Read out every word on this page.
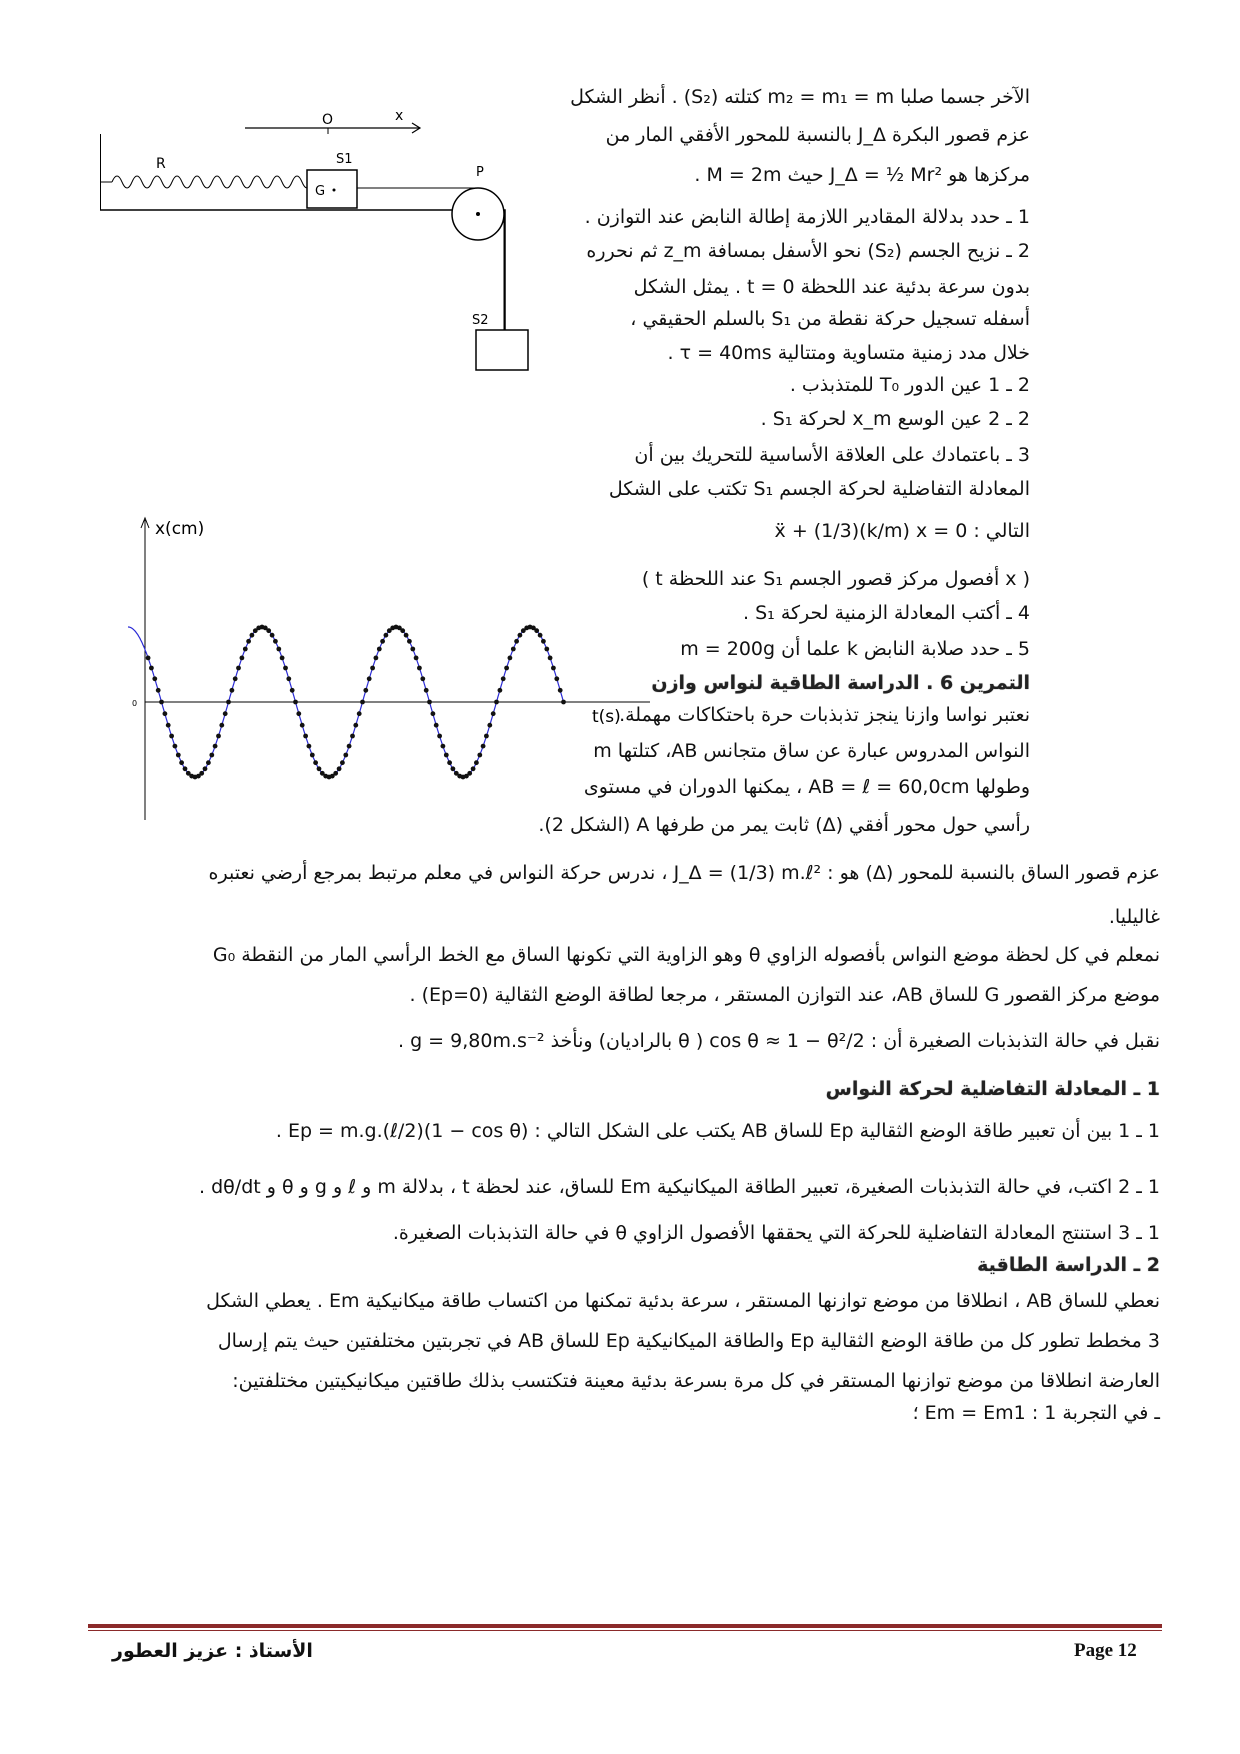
O	x
R
G
S1
P
S2
x(cm)
t(s)
0
الآخر جسما صلبا m₂ = m₁ = m كتلته (S₂) . أنظر الشكل
عزم قصور البكرة J_Δ بالنسبة للمحور الأفقي المار من
مركزها هو J_Δ = ½ Mr² حيث M = 2m .
1 ـ حدد بدلالة المقادير اللازمة إطالة النابض عند التوازن .
2 ـ نزيح الجسم (S₂) نحو الأسفل بمسافة z_m ثم نحرره
بدون سرعة بدئية عند اللحظة t = 0 . يمثل الشكل
أسفله تسجيل حركة نقطة من S₁ بالسلم الحقيقي ،
خلال مدد زمنية متساوية ومتتالية τ = 40ms .
2 ـ 1 عين الدور T₀ للمتذبذب .
2 ـ 2 عين الوسع x_m لحركة S₁ .
3 ـ باعتمادك على العلاقة الأساسية للتحريك بين أن
المعادلة التفاضلية لحركة الجسم S₁ تكتب على الشكل
التالي : ẍ + (1/3)(k/m) x = 0
( x أفصول مركز قصور الجسم S₁ عند اللحظة t )
4 ـ أكتب المعادلة الزمنية لحركة S₁ .
5 ـ حدد صلابة النابض k علما أن m = 200g
التمرين 6 . الدراسة الطاقية لنواس وازن
نعتبر نواسا وازنا ينجز تذبذبات حرة باحتكاكات مهملة.
النواس المدروس عبارة عن ساق متجانس AB، كتلتها m
وطولها AB = ℓ = 60,0cm ، يمكنها الدوران في مستوى
رأسي حول محور أفقي (Δ) ثابت يمر من طرفها A (الشكل 2).
عزم قصور الساق بالنسبة للمحور (Δ) هو : J_Δ = (1/3) m.ℓ² ، ندرس حركة النواس في معلم مرتبط بمرجع أرضي نعتبره
غاليليا.
نمعلم في كل لحظة موضع النواس بأفصوله الزاوي θ وهو الزاوية التي تكونها الساق مع الخط الرأسي المار من النقطة G₀
موضع مركز القصور G للساق AB، عند التوازن المستقر ، مرجعا لطاقة الوضع الثقالية (Ep=0) .
نقبل في حالة التذبذبات الصغيرة أن : cos θ ≈ 1 − θ²/2 ( θ بالراديان) ونأخذ g = 9,80m.s⁻² .
1 ـ المعادلة التفاضلية لحركة النواس
1 ـ 1 بين أن تعبير طاقة الوضع الثقالية Ep للساق AB يكتب على الشكل التالي : Ep = m.g.(ℓ/2)(1 − cos θ) .
1 ـ 2 اكتب، في حالة التذبذبات الصغيرة، تعبير الطاقة الميكانيكية Em للساق، عند لحظة t ، بدلالة m و ℓ و g و θ و dθ/dt .
1 ـ 3 استنتج المعادلة التفاضلية للحركة التي يحققها الأفصول الزاوي θ في حالة التذبذبات الصغيرة.
2 ـ الدراسة الطاقية
نعطي للساق AB ، انطلاقا من موضع توازنها المستقر ، سرعة بدئية تمكنها من اكتساب طاقة ميكانيكية Em . يعطي الشكل
3 مخطط تطور كل من طاقة الوضع الثقالية Ep والطاقة الميكانيكية Ep للساق AB في تجربتين مختلفتين حيث يتم إرسال
العارضة انطلاقا من موضع توازنها المستقر في كل مرة بسرعة بدئية معينة فتكتسب بذلك طاقتين ميكانيكيتين مختلفتين:
ـ في التجربة 1 : Em = Em1 ؛
الأستاذ : عزيز العطور	Page 12
